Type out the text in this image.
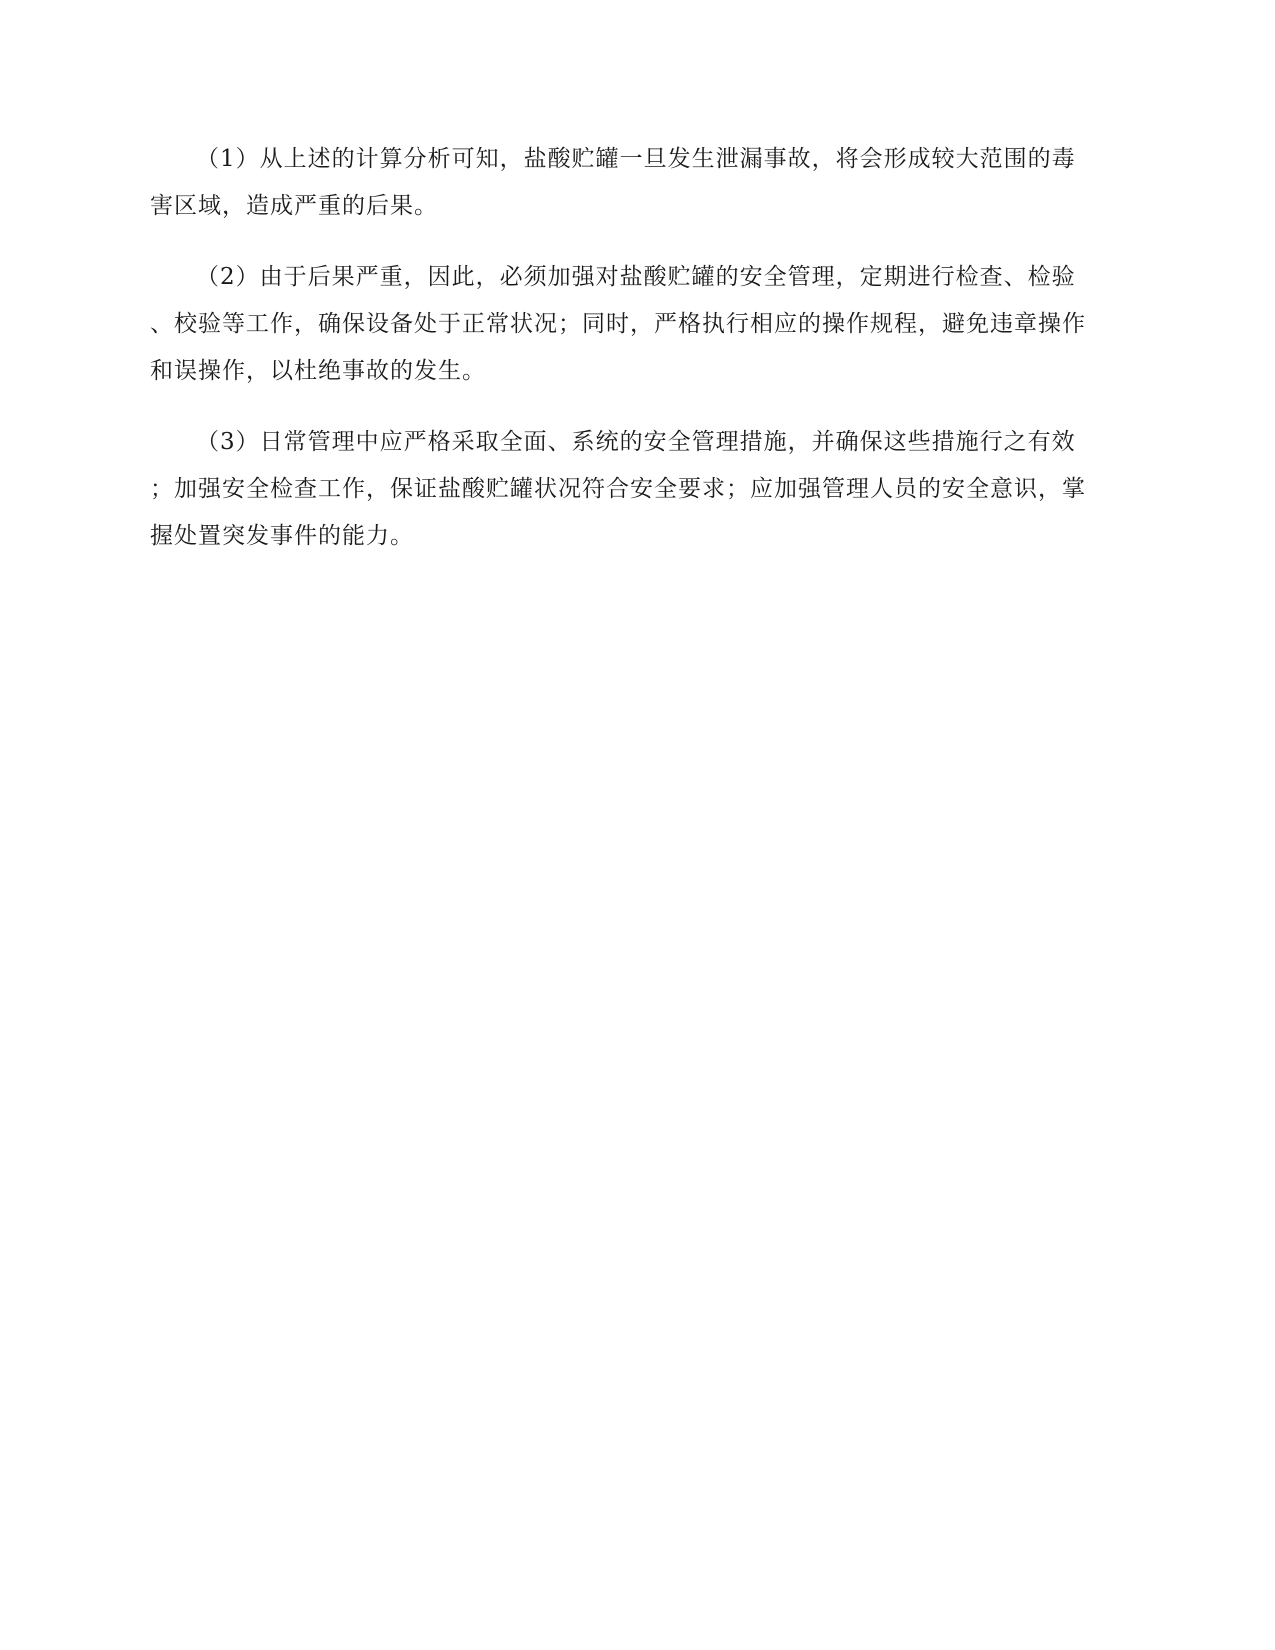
（1）从上述的计算分析可知，盐酸贮罐一旦发生泄漏事故，将会形成较大范围的毒
害区域，造成严重的后果。
（2）由于后果严重，因此，必须加强对盐酸贮罐的安全管理，定期进行检查、检验
、校验等工作，确保设备处于正常状况；同时，严格执行相应的操作规程，避免违章操作
和误操作，以杜绝事故的发生。
（3）日常管理中应严格采取全面、系统的安全管理措施，并确保这些措施行之有效
；加强安全检查工作，保证盐酸贮罐状况符合安全要求；应加强管理人员的安全意识，掌
握处置突发事件的能力。
